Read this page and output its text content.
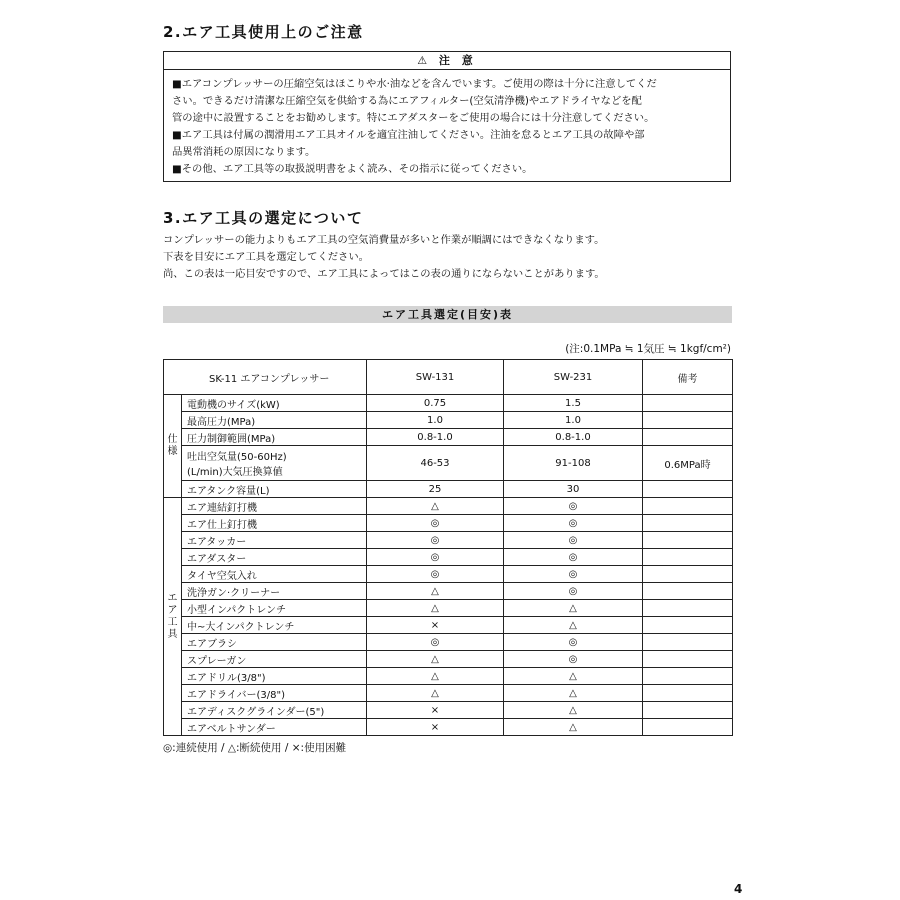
2.エア工具使用上のご注意
⚠ 注 意

■エアコンプレッサーの圧縮空気はほこりや水·油などを含んでいます。ご使用の際は十分に注意してくだ

さい。できるだけ清潔な圧縮空気を供給する為にエアフィルター(空気清浄機)やエアドライヤなどを配

管の途中に設置することをお勧めします。特にエアダスターをご使用の場合には十分注意してください。

■エア工具は付属の潤滑用エア工具オイルを適宜注油してください。注油を怠るとエア工具の故障や部

品異常消耗の原因になります。

■その他、エア工具等の取扱説明書をよく読み、その指示に従ってください。

3.エア工具の選定について

コンプレッサーの能力よりもエア工具の空気消費量が多いと作業が順調にはできなくなります。

下表を目安にエア工具を選定してください。

尚、この表は一応目安ですので、エア工具によってはこの表の通りにならないことがあります。

エア工具選定(目安)表
(注:0.1MPa ≒ 1気圧 ≒ 1kgf/cm²)
SK-11 エアコンプレッサー		SW-131	SW-231	備考
仕
様	電動機のサイズ(kW)	0.75	1.5	
	最高圧力(MPa)	1.0	1.0	
	圧力制御範囲(MPa)	0.8-1.0	0.8-1.0	

	吐出空気量(50-60Hz)
(L/min)大気圧換算値	46-53	91-108	0.6MPa時
	エアタンク容量(L)	25	30	
エ
ア
工
具	エア連結釘打機	△	◎	
	エア仕上釘打機	◎	◎	
	エアタッカー	◎	◎	
	エアダスター	◎	◎	
	タイヤ空気入れ	◎	◎	
	洗浄ガン·クリーナー	△	◎	
	小型インパクトレンチ	△	△	
	中~大インパクトレンチ	×	△	
	エアブラシ	◎	◎	
	スプレーガン	△	◎	
	エアドリル(3/8")	△	△	
	エアドライバー(3/8")	△	△	
	エアディスクグラインダー(5")	×	△	
	エアベルトサンダー	×	△	
◎:連続使用 / △:断続使用 / ×:使用困難
4
